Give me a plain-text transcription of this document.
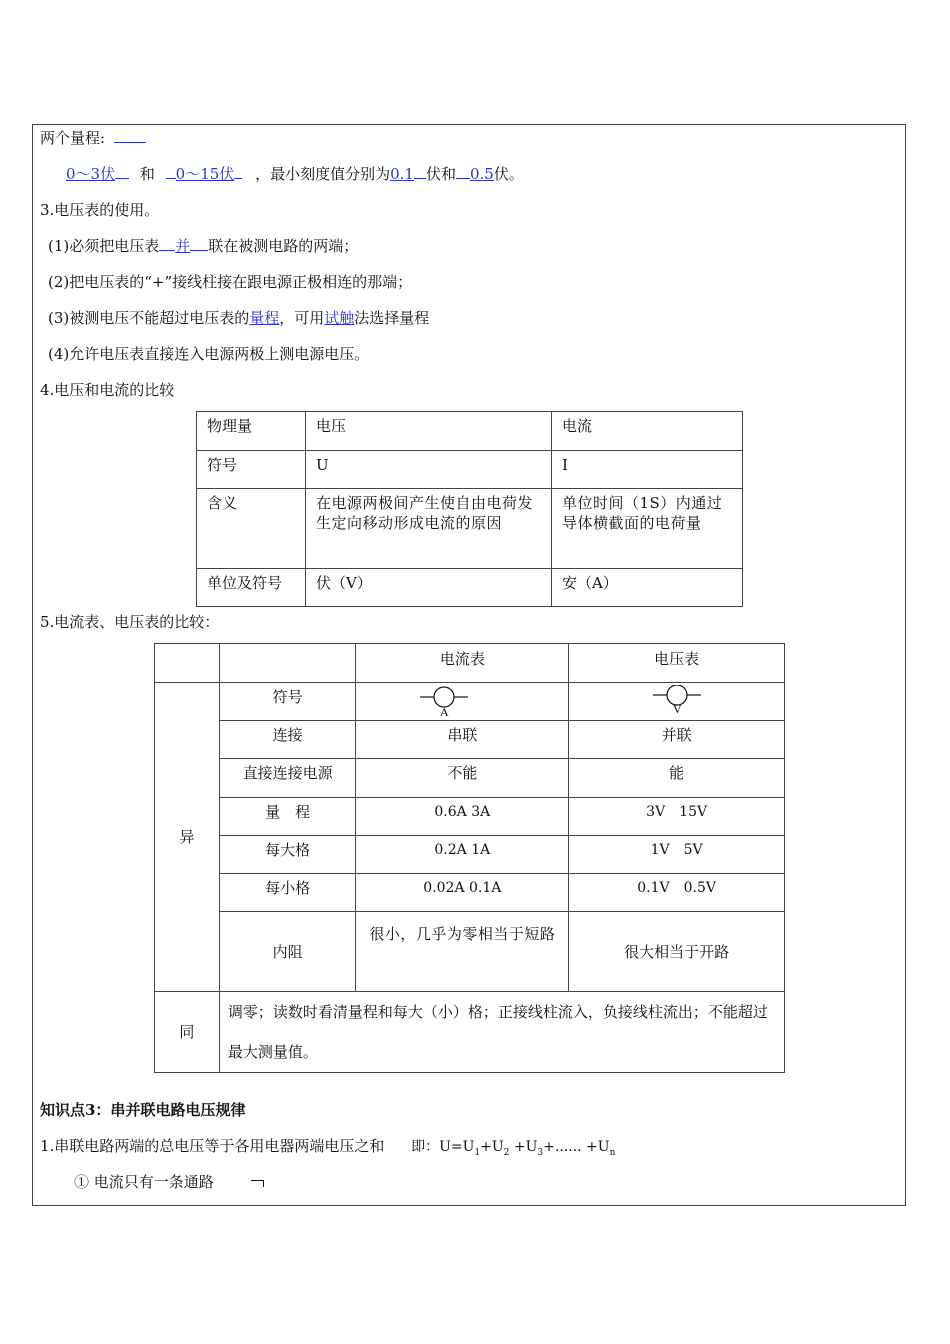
两个量程:
0～3伏 和 0～15伏 ，最小刻度值分别为0.1 伏和 0.5伏。
3.电压表的使用。
(1)必须把电压表 并 联在被测电路的两端；
(2)把电压表的“+”接线柱接在跟电源正极相连的那端；
(3)被测电压不能超过电压表的量程，可用试触法选择量程
(4)允许电压表直接连入电源两极上测电源电压。
4.电压和电流的比较
物理量	电压	电流
符号	U	I
含义	在电源两极间产生使自由电荷发生定向移动形成电流的原因	单位时间（1S）内通过导体横截面的电荷量

单位及符号	伏（V）	安（A）
5.电流表、电压表的比较：
		电流表	电压表
异	符号	A	V

	连接	串联	并联
	直接连接电源	不能	能
	量　程	0.6A 3A	3V　15V
	每大格	0.2A 1A	1V　5V
	每小格	0.02A 0.1A	0.1V　0.5V
	内阻	很小，几乎为零相当于短路	很大相当于开路
同	调零；读数时看清量程和每大（小）格；正接线柱流入，负接线柱流出；不能超过最大测量值。		
知识点3：串并联电路电压规律
1.串联电路两端的总电压等于各用电器两端电压之和 即：$U=U_1+U_2 +U_3+$...... $+U_n$
① 电流只有一条通路
